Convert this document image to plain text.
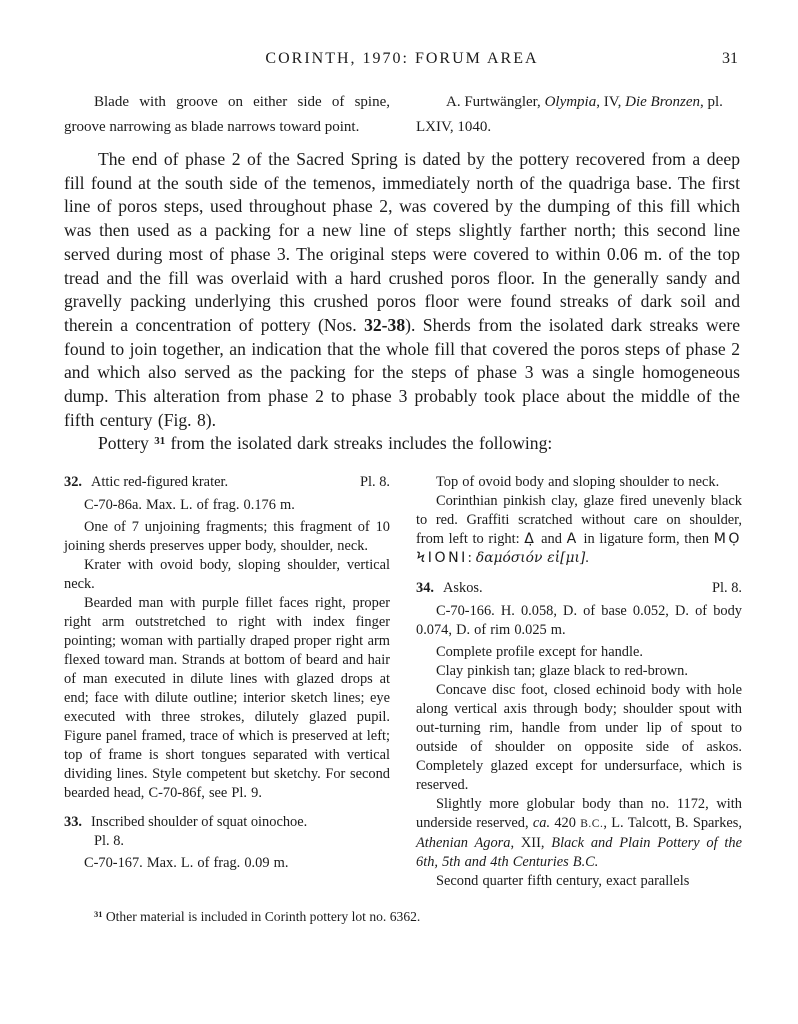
CORINTH, 1970: FORUM AREA	31

Blade with groove on either side of spine, groove narrowing as blade narrows toward point.

A. Furtwängler, Olympia, IV, Die Bronzen, pl. LXIV, 1040.

The end of phase 2 of the Sacred Spring is dated by the pottery recovered from a deep fill found at the south side of the temenos, immediately north of the quadriga base. The first line of poros steps, used throughout phase 2, was covered by the dumping of this fill which was then used as a packing for a new line of steps slightly farther north; this second line served during most of phase 3. The original steps were covered to within 0.06 m. of the top tread and the fill was overlaid with a hard crushed poros floor. In the generally sandy and gravelly packing underlying this crushed poros floor were found streaks of dark soil and therein a concentration of pottery (Nos. 32-38). Sherds from the isolated dark streaks were found to join together, an indication that the whole fill that covered the poros steps of phase 2 and which also served as the packing for the steps of phase 3 was a single homogeneous dump. This alteration from phase 2 to phase 3 probably took place about the middle of the fifth century (Fig. 8).

Pottery $^{31}$ from the isolated dark streaks includes the following:

32. Attic red-figured krater.	Pl. 8.

C-70-86a. Max. L. of frag. 0.176 m.

One of 7 unjoining fragments; this fragment of 10 joining sherds preserves upper body, shoulder, neck.

Krater with ovoid body, sloping shoulder, vertical neck.

Bearded man with purple fillet faces right, proper right arm outstretched to right with index finger pointing; woman with partially draped proper right arm flexed toward man. Strands at bottom of beard and hair of man executed in dilute lines with glazed drops at end; face with dilute outline; interior sketch lines; eye executed with three strokes, dilutely glazed pupil. Figure panel framed, trace of which is preserved at left; top of frame is short tongues separated with vertical dividing lines. Style competent but sketchy. For second bearded head, C-70-86f, see Pl. 9.

33. Inscribed shoulder of squat oinochoe.
Pl. 8.

C-70-167. Max. L. of frag. 0.09 m.

Top of ovoid body and sloping shoulder to neck.

Corinthian pinkish clay, glaze fired unevenly black to red. Graffiti scratched without care on shoulder, from left to right: Δ̣ and A in ligature form, then MỌ ϞΙΟΝΙ: δαμόσιόν εἰ[μι].

34. Askos.	Pl. 8.

C-70-166. H. 0.058, D. of base 0.052, D. of body 0.074, D. of rim 0.025 m.

Complete profile except for handle.

Clay pinkish tan; glaze black to red-brown.

Concave disc foot, closed echinoid body with hole along vertical axis through body; shoulder spout with out-turning rim, handle from under lip of spout to outside of shoulder on opposite side of askos. Completely glazed except for undersurface, which is reserved.

Slightly more globular body than no. 1172, with underside reserved, ca. 420 B.C., L. Talcott, B. Sparkes, Athenian Agora, XII, Black and Plain Pottery of the 6th, 5th and 4th Centuries B.C.

Second quarter fifth century, exact parallels

$^{31}$ Other material is included in Corinth pottery lot no. 6362.
